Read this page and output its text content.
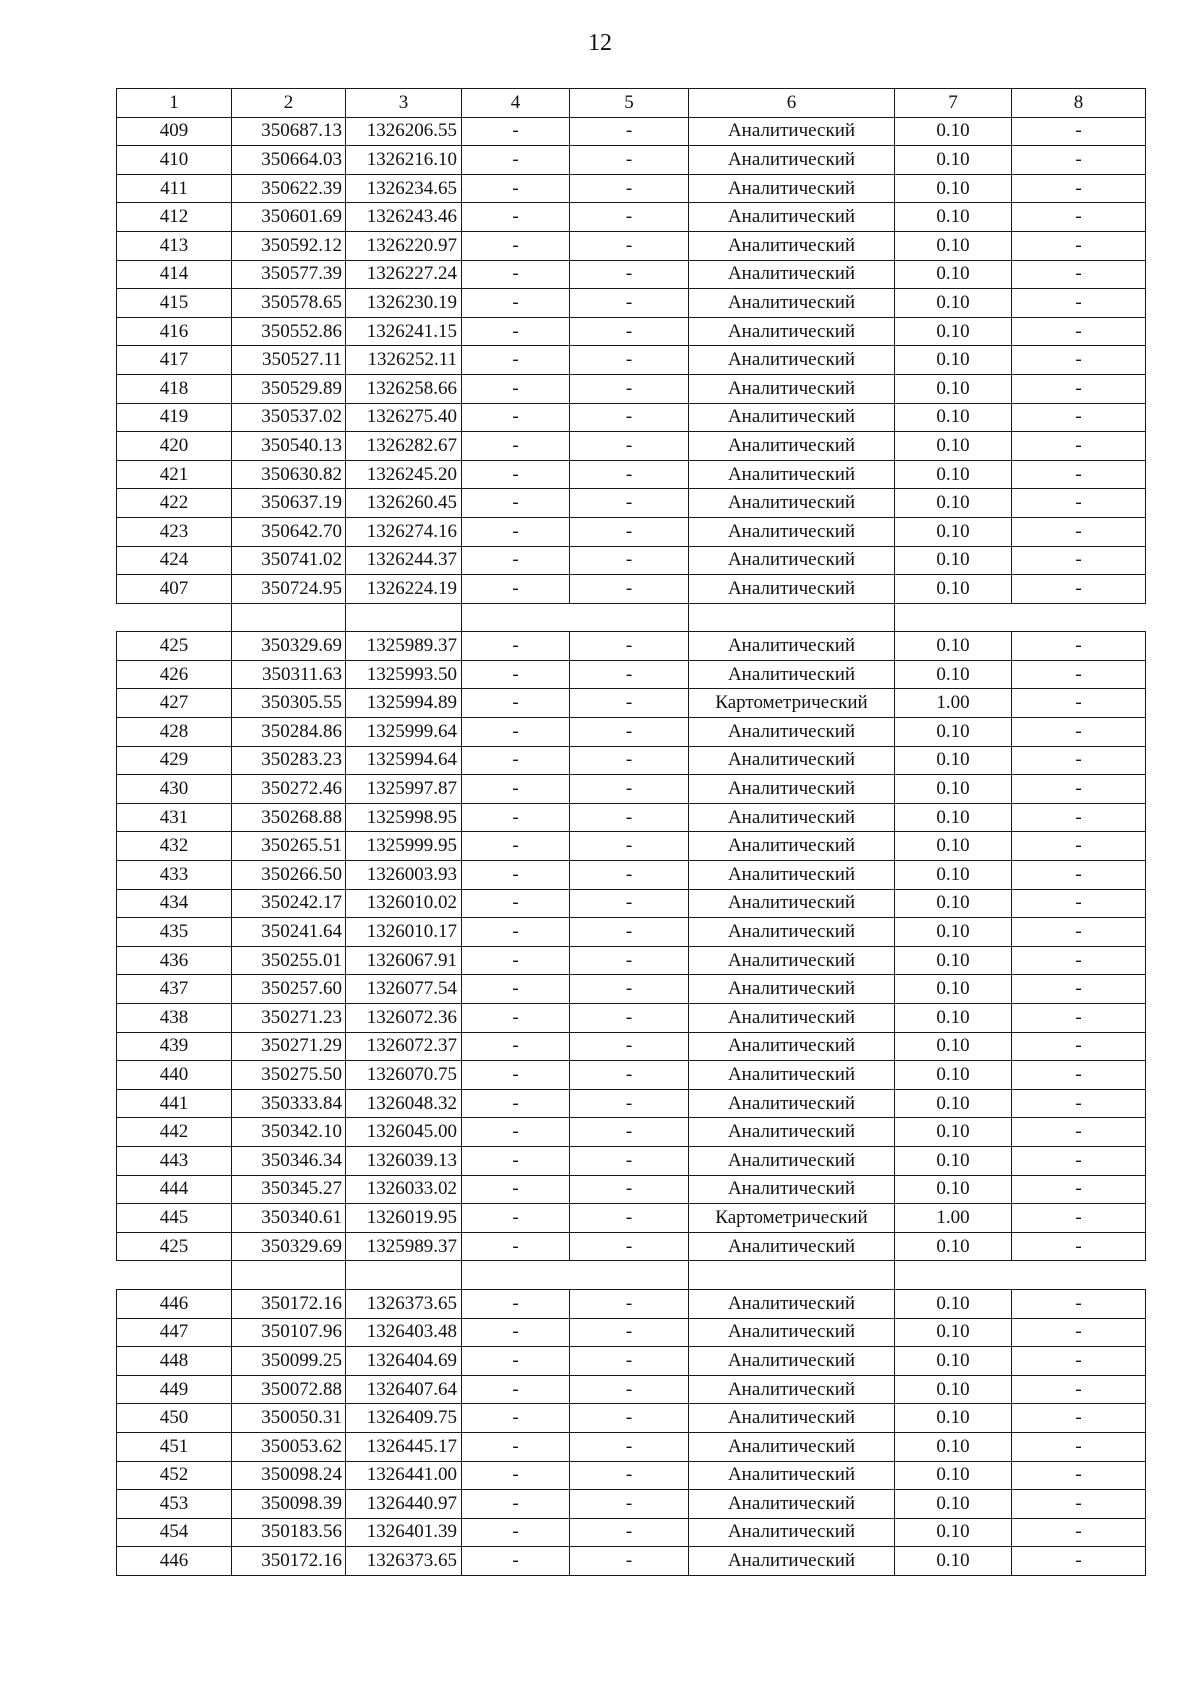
12
1	2	3	4	5	6	7	8
409	350687.13	1326206.55	-	-	Аналитический	0.10	-
410	350664.03	1326216.10	-	-	Аналитический	0.10	-
411	350622.39	1326234.65	-	-	Аналитический	0.10	-
412	350601.69	1326243.46	-	-	Аналитический	0.10	-
413	350592.12	1326220.97	-	-	Аналитический	0.10	-
414	350577.39	1326227.24	-	-	Аналитический	0.10	-
415	350578.65	1326230.19	-	-	Аналитический	0.10	-
416	350552.86	1326241.15	-	-	Аналитический	0.10	-
417	350527.11	1326252.11	-	-	Аналитический	0.10	-
418	350529.89	1326258.66	-	-	Аналитический	0.10	-
419	350537.02	1326275.40	-	-	Аналитический	0.10	-
420	350540.13	1326282.67	-	-	Аналитический	0.10	-
421	350630.82	1326245.20	-	-	Аналитический	0.10	-
422	350637.19	1326260.45	-	-	Аналитический	0.10	-
423	350642.70	1326274.16	-	-	Аналитический	0.10	-
424	350741.02	1326244.37	-	-	Аналитический	0.10	-
407	350724.95	1326224.19	-	-	Аналитический	0.10	-

425	350329.69	1325989.37	-	-	Аналитический	0.10	-
426	350311.63	1325993.50	-	-	Аналитический	0.10	-
427	350305.55	1325994.89	-	-	Картометрический	1.00	-
428	350284.86	1325999.64	-	-	Аналитический	0.10	-
429	350283.23	1325994.64	-	-	Аналитический	0.10	-
430	350272.46	1325997.87	-	-	Аналитический	0.10	-
431	350268.88	1325998.95	-	-	Аналитический	0.10	-
432	350265.51	1325999.95	-	-	Аналитический	0.10	-
433	350266.50	1326003.93	-	-	Аналитический	0.10	-
434	350242.17	1326010.02	-	-	Аналитический	0.10	-
435	350241.64	1326010.17	-	-	Аналитический	0.10	-
436	350255.01	1326067.91	-	-	Аналитический	0.10	-
437	350257.60	1326077.54	-	-	Аналитический	0.10	-
438	350271.23	1326072.36	-	-	Аналитический	0.10	-
439	350271.29	1326072.37	-	-	Аналитический	0.10	-
440	350275.50	1326070.75	-	-	Аналитический	0.10	-
441	350333.84	1326048.32	-	-	Аналитический	0.10	-
442	350342.10	1326045.00	-	-	Аналитический	0.10	-
443	350346.34	1326039.13	-	-	Аналитический	0.10	-
444	350345.27	1326033.02	-	-	Аналитический	0.10	-
445	350340.61	1326019.95	-	-	Картометрический	1.00	-
425	350329.69	1325989.37	-	-	Аналитический	0.10	-

446	350172.16	1326373.65	-	-	Аналитический	0.10	-
447	350107.96	1326403.48	-	-	Аналитический	0.10	-
448	350099.25	1326404.69	-	-	Аналитический	0.10	-
449	350072.88	1326407.64	-	-	Аналитический	0.10	-
450	350050.31	1326409.75	-	-	Аналитический	0.10	-
451	350053.62	1326445.17	-	-	Аналитический	0.10	-
452	350098.24	1326441.00	-	-	Аналитический	0.10	-
453	350098.39	1326440.97	-	-	Аналитический	0.10	-
454	350183.56	1326401.39	-	-	Аналитический	0.10	-
446	350172.16	1326373.65	-	-	Аналитический	0.10	-
